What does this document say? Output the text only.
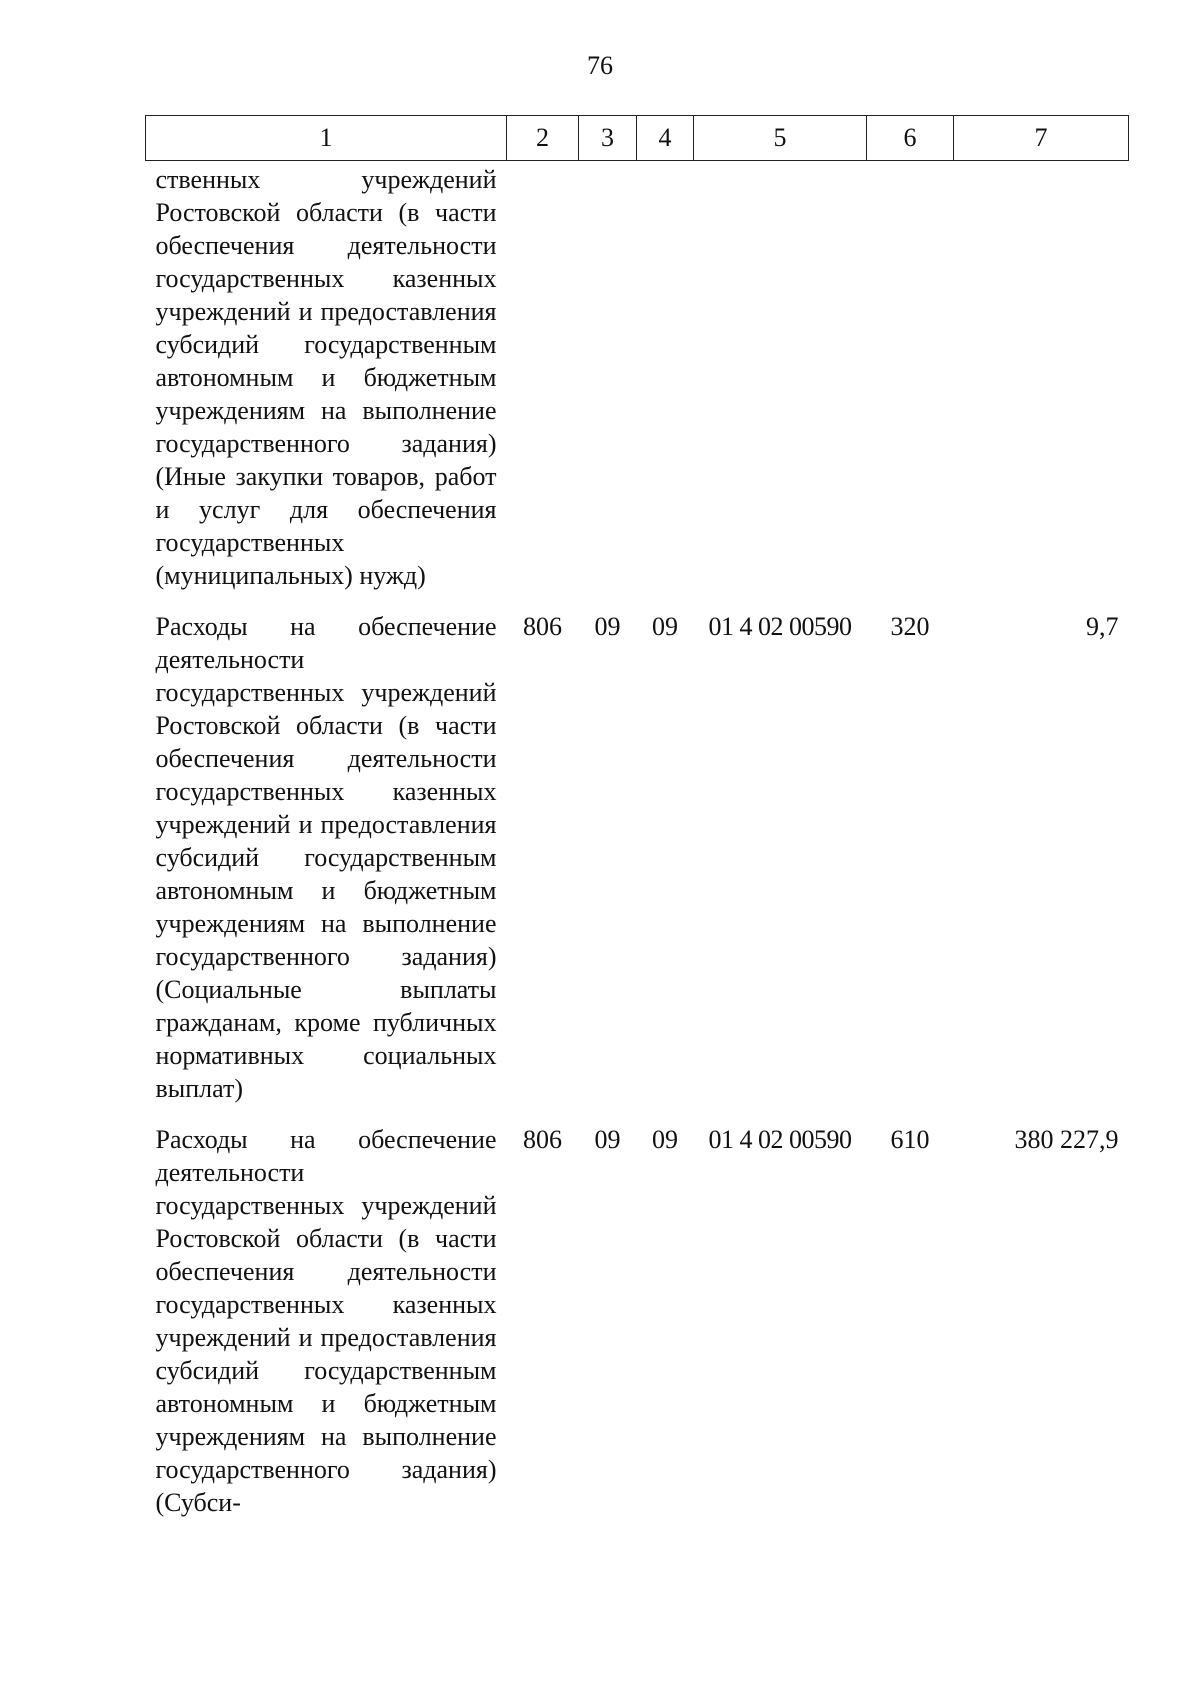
76
1	2	3	4	5	6	7
ственных учреждений Ростовской области (в части обеспечения деятельности государственных казенных учреждений и предоставления субсидий государственным автономным и бюджетным учреждениям на выполнение государственного задания) (Иные закупки товаров, работ и услуг для обеспечения государственных (муниципальных) нужд)						
Расходы на обеспечение деятельности государственных учреждений Ростовской области (в части обеспечения деятельности государственных казенных учреждений и предоставления субсидий государственным автономным и бюджетным учреждениям на выполнение государственного задания) (Социальные выплаты гражданам, кроме публичных нормативных социальных выплат)	806	09	09	01 4 02 00590	320	9,7
Расходы на обеспечение деятельности государственных учреждений Ростовской области (в части обеспечения деятельности государственных казенных учреждений и предоставления субсидий государственным автономным и бюджетным учреждениям на выполнение государственного задания) (Субси-	806	09	09	01 4 02 00590	610	380 227,9
